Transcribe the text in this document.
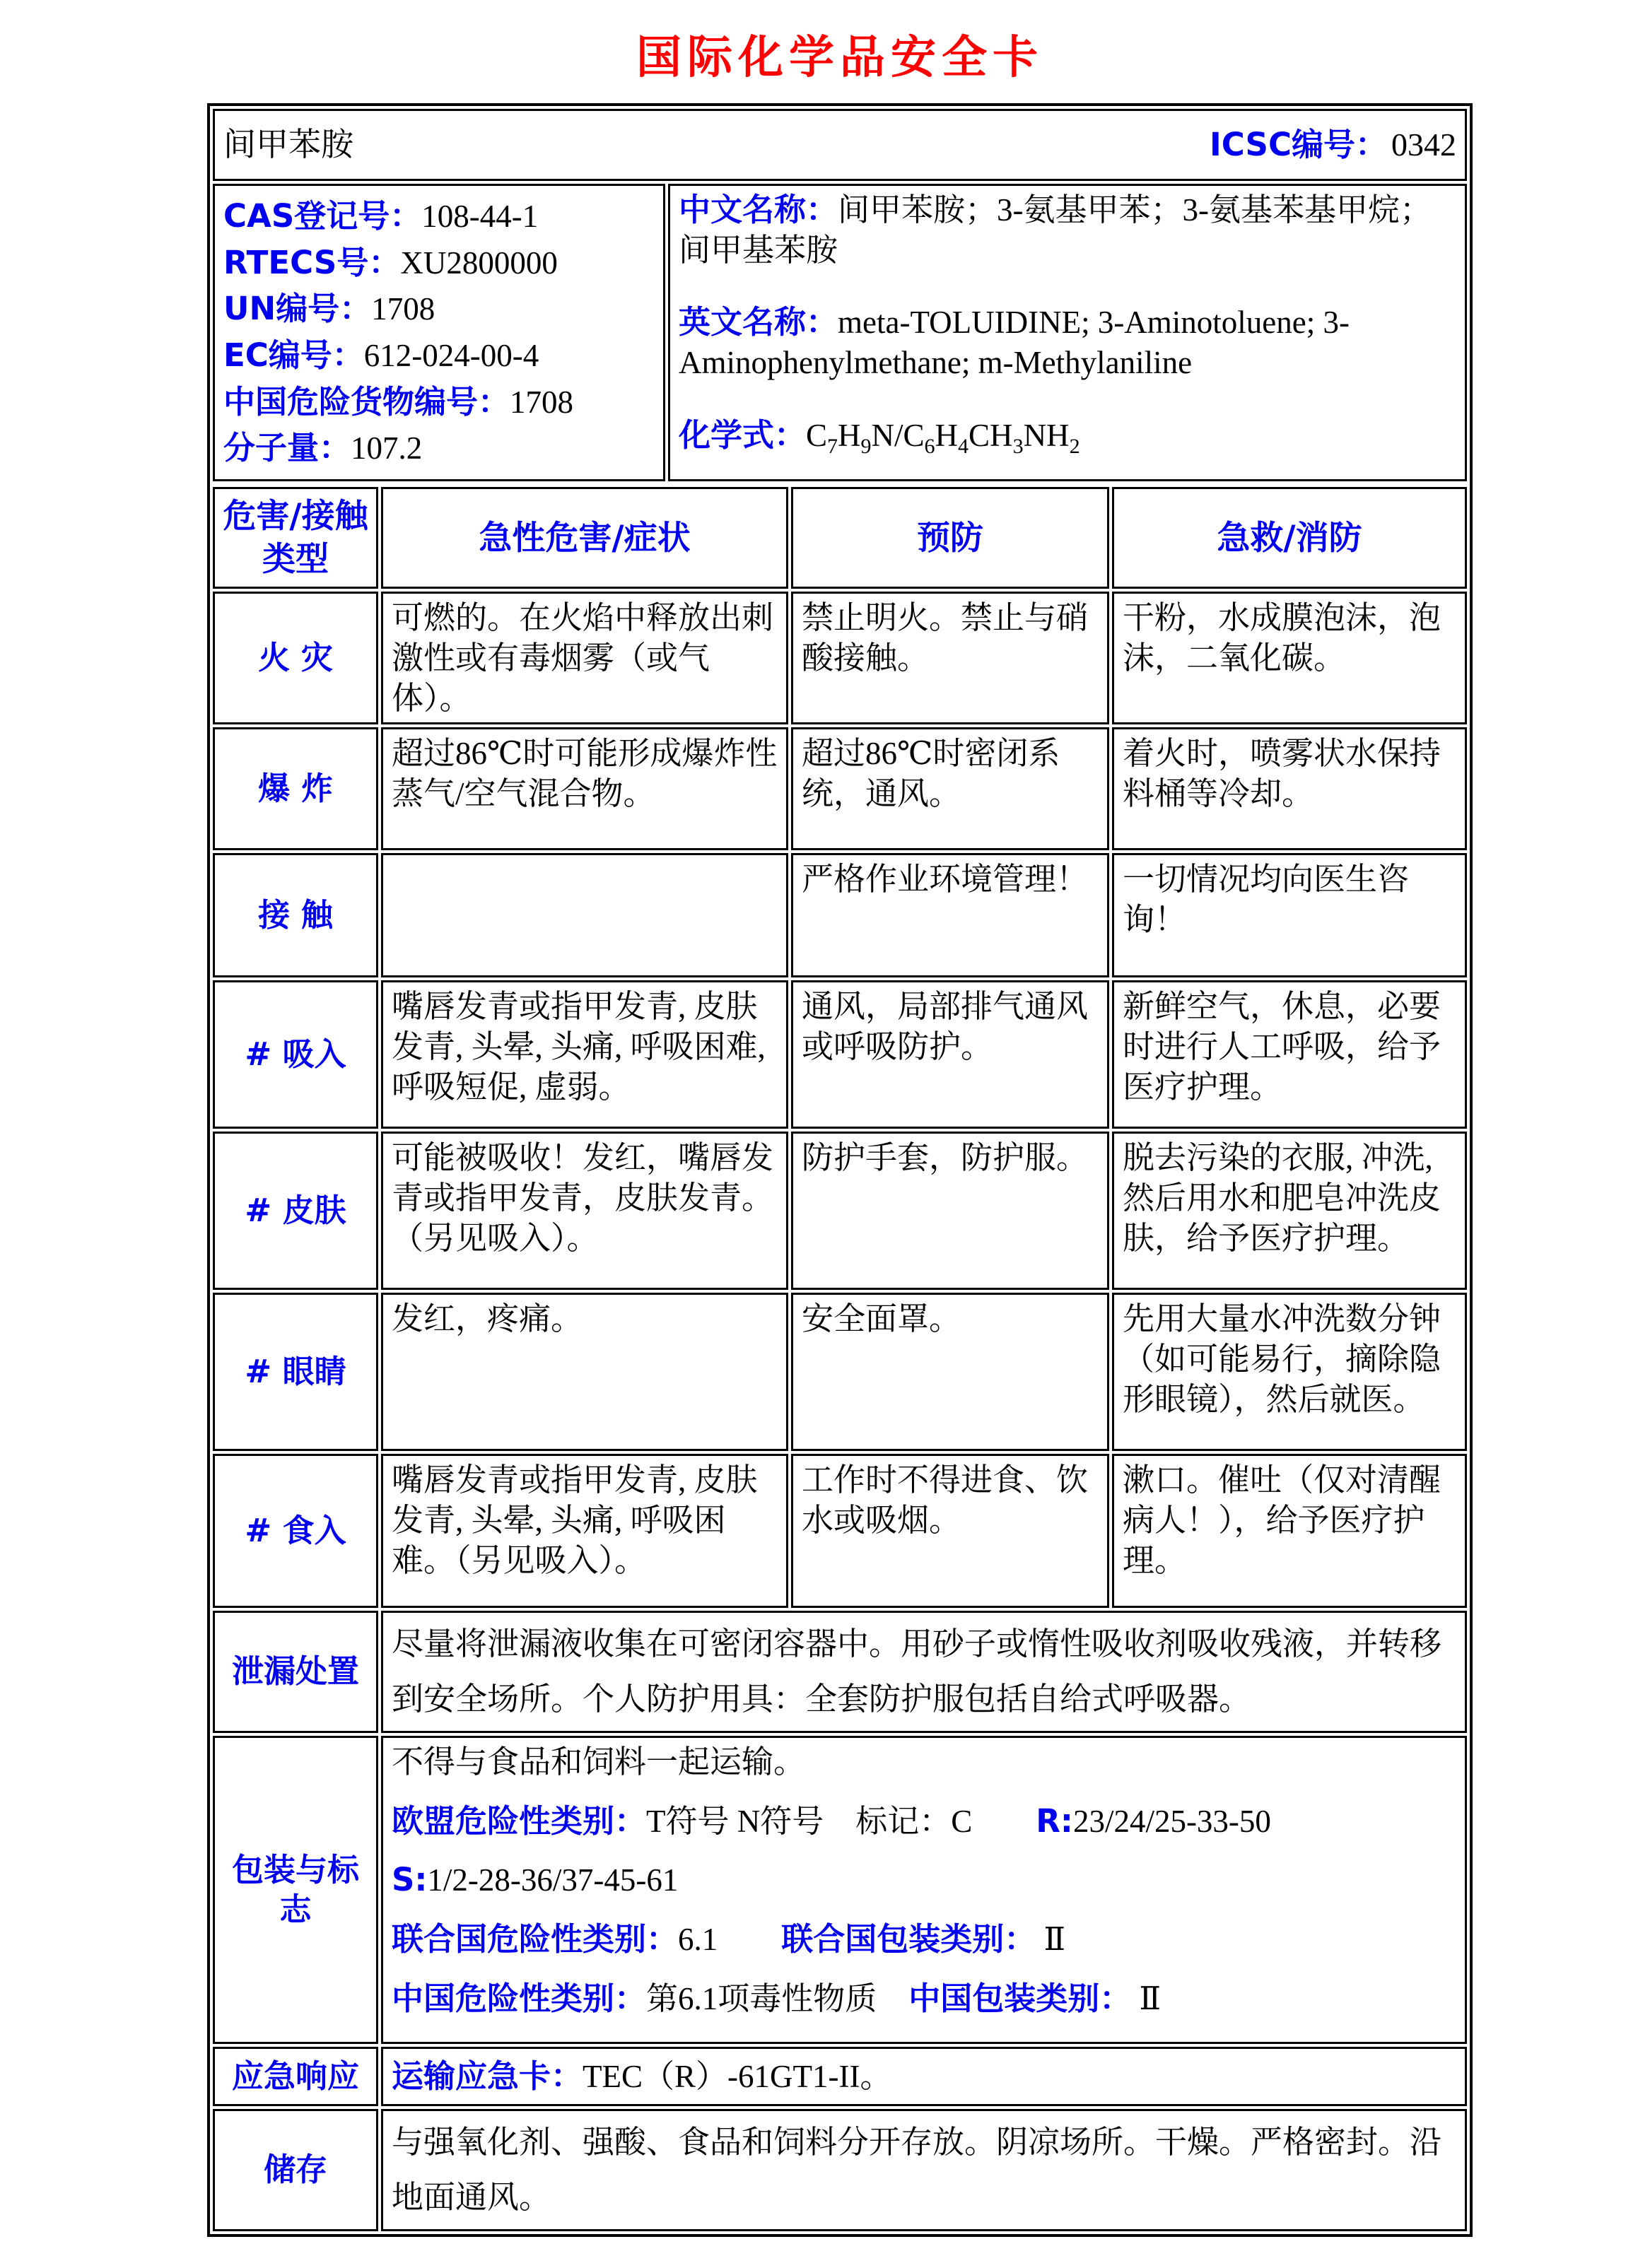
国际化学品安全卡
间甲苯胺	ICSC编号： 0342

CAS登记号：108-44-1
RTECS号：XU2800000
UN编号：1708
EC编号：612-024-00-4
中国危险货物编号：1708
分子量：107.2

中文名称：间甲苯胺；3-氨基甲苯；3-氨基苯基甲烷；间甲基苯胺
英文名称：meta-TOLUIDINE; 3-Aminotoluene; 3-Aminophenylmethane; m-Methylaniline
化学式：$C_7H_9N/C_6H_4CH_3NH_2$
危害/接触
类型	急性危害/症状	预防	急救/消防
火 灾	可燃的。在火焰中释放出刺激性或有毒烟雾（或气体）。	禁止明火。禁止与硝酸接触。	干粉，水成膜泡沫，泡沫，二氧化碳。
爆 炸	超过86℃时可能形成爆炸性蒸气/空气混合物。	超过86℃时密闭系统，通风。	着火时，喷雾状水保持料桶等冷却。
接 触		严格作业环境管理！	一切情况均向医生咨询！
# 吸入	嘴唇发青或指甲发青, 皮肤发青, 头晕, 头痛, 呼吸困难, 呼吸短促, 虚弱。	通风，局部排气通风或呼吸防护。	新鲜空气，休息，必要时进行人工呼吸，给予医疗护理。
# 皮肤	可能被吸收！发红，嘴唇发青或指甲发青，皮肤发青。（另见吸入）。	防护手套，防护服。	脱去污染的衣服, 冲洗, 然后用水和肥皂冲洗皮肤，给予医疗护理。
# 眼睛	发红，疼痛。	安全面罩。	先用大量水冲洗数分钟（如可能易行，摘除隐形眼镜），然后就医。
# 食入	嘴唇发青或指甲发青, 皮肤发青, 头晕, 头痛, 呼吸困难。（另见吸入）。	工作时不得进食、饮水或吸烟。	漱口。催吐（仅对清醒病人！），给予医疗护理。
泄漏处置	尽量将泄漏液收集在可密闭容器中。用砂子或惰性吸收剂吸收残液，并转移到安全场所。个人防护用具：全套防护服包括自给式呼吸器。		

包装与标志	不得与食品和饲料一起运输。
欧盟危险性类别：T符号 N符号　标记：C　　R:23/24/25-33-50
S:1/2-28-36/37-45-61
联合国危险性类别：6.1　　联合国包装类别： Ⅱ
中国危险性类别：第6.1项毒性物质　中国包装类别： Ⅱ		

应急响应	运输应急卡：TEC（R）-61GT1-II。		

储存	与强氧化剂、强酸、食品和饲料分开存放。阴凉场所。干燥。严格密封。沿地面通风。		
